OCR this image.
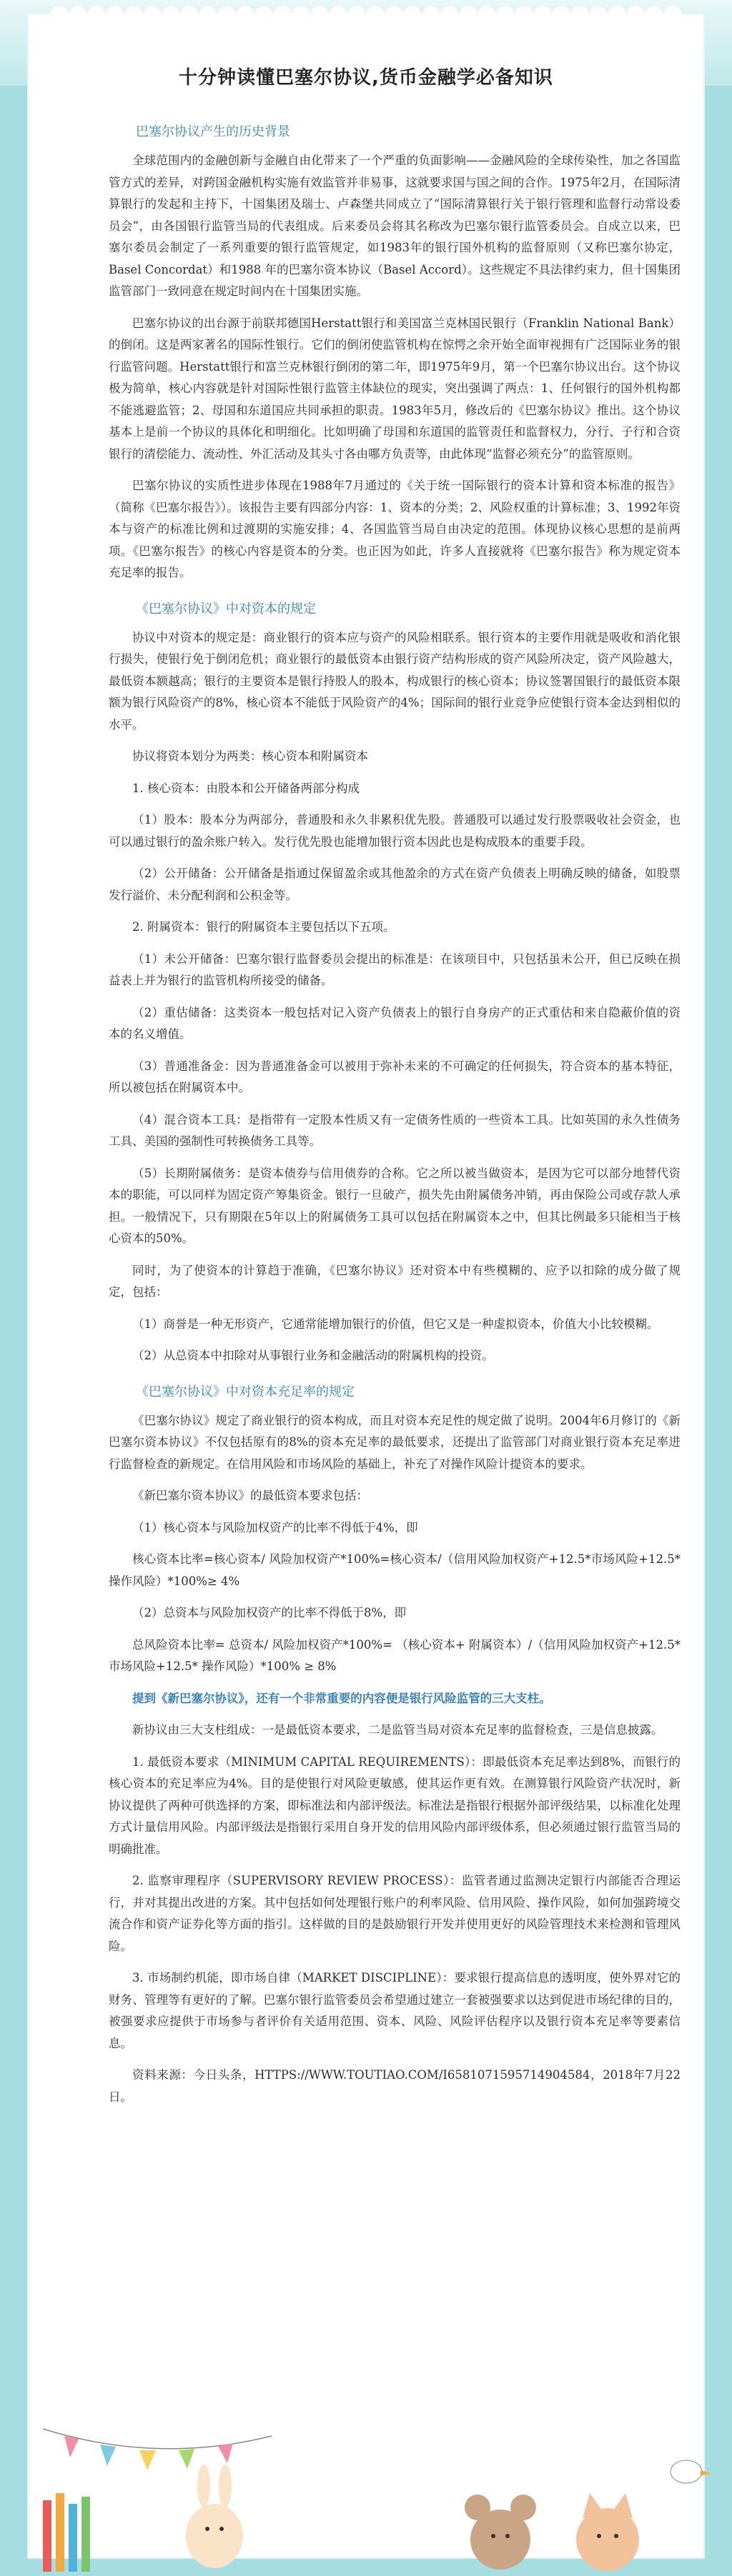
十分钟读懂巴塞尔协议,货币金融学必备知识
巴塞尔协议产生的历史背景

全球范围内的金融创新与金融自由化带来了一个严重的负面影响——金融风险的全球传染性，加之各国监管方式的差异，对跨国金融机构实施有效监管并非易事，这就要求国与国之间的合作。1975年2月，在国际清算银行的发起和主持下，十国集团及瑞士、卢森堡共同成立了“国际清算银行关于银行管理和监督行动常设委员会”，由各国银行监管当局的代表组成。后来委员会将其名称改为巴塞尔银行监管委员会。自成立以来，巴塞尔委员会制定了一系列重要的银行监管规定，如1983年的银行国外机构的监督原则（又称巴塞尔协定，Basel Concordat）和1988 年的巴塞尔资本协议（Basel Accord）。这些规定不具法律约束力，但十国集团监管部门一致同意在规定时间内在十国集团实施。

巴塞尔协议的出台源于前联邦德国Herstatt银行和美国富兰克林国民银行（Franklin National Bank）的倒闭。这是两家著名的国际性银行。它们的倒闭使监管机构在惊愕之余开始全面审视拥有广泛国际业务的银行监管问题。Herstatt银行和富兰克林银行倒闭的第二年，即1975年9月，第一个巴塞尔协议出台。这个协议极为简单，核心内容就是针对国际性银行监管主体缺位的现实，突出强调了两点：1、任何银行的国外机构都不能逃避监管；2、母国和东道国应共同承担的职责。1983年5月，修改后的《巴塞尔协议》推出。这个协议基本上是前一个协议的具体化和明细化。比如明确了母国和东道国的监管责任和监督权力，分行、子行和合资银行的清偿能力、流动性、外汇活动及其头寸各由哪方负责等，由此体现“监督必须充分”的监管原则。

巴塞尔协议的实质性进步体现在1988年7月通过的《关于统一国际银行的资本计算和资本标准的报告》（简称《巴塞尔报告》）。该报告主要有四部分内容：1、资本的分类；2、风险权重的计算标准；3、1992年资本与资产的标准比例和过渡期的实施安排；4、各国监管当局自由决定的范围。体现协议核心思想的是前两项。《巴塞尔报告》的核心内容是资本的分类。也正因为如此，许多人直接就将《巴塞尔报告》称为规定资本充足率的报告。

《巴塞尔协议》中对资本的规定

协议中对资本的规定是：商业银行的资本应与资产的风险相联系。银行资本的主要作用就是吸收和消化银行损失，使银行免于倒闭危机；商业银行的最低资本由银行资产结构形成的资产风险所决定，资产风险越大，最低资本额越高；银行的主要资本是银行持股人的股本，构成银行的核心资本；协议签署国银行的最低资本限额为银行风险资产的8%，核心资本不能低于风险资产的4%；国际间的银行业竞争应使银行资本金达到相似的水平。

协议将资本划分为两类：核心资本和附属资本

1. 核心资本：由股本和公开储备两部分构成

（1）股本：股本分为两部分，普通股和永久非累积优先股。普通股可以通过发行股票吸收社会资金，也可以通过银行的盈余账户转入。发行优先股也能增加银行资本因此也是构成股本的重要手段。

（2）公开储备：公开储备是指通过保留盈余或其他盈余的方式在资产负债表上明确反映的储备，如股票发行溢价、未分配利润和公积金等。

2. 附属资本：银行的附属资本主要包括以下五项。

（1）未公开储备：巴塞尔银行监督委员会提出的标准是：在该项目中，只包括虽未公开，但已反映在损益表上并为银行的监管机构所接受的储备。

（2）重估储备：这类资本一般包括对记入资产负债表上的银行自身房产的正式重估和来自隐蔽价值的资本的名义增值。

（3）普通准备金：因为普通准备金可以被用于弥补未来的不可确定的任何损失，符合资本的基本特征，所以被包括在附属资本中。

（4）混合资本工具：是指带有一定股本性质又有一定债务性质的一些资本工具。比如英国的永久性债务工具、美国的强制性可转换债务工具等。

（5）长期附属债务：是资本债券与信用债券的合称。它之所以被当做资本，是因为它可以部分地替代资本的职能，可以同样为固定资产筹集资金。银行一旦破产，损失先由附属债务冲销，再由保险公司或存款人承担。一般情况下，只有期限在5年以上的附属债务工具可以包括在附属资本之中，但其比例最多只能相当于核心资本的50%。

同时，为了使资本的计算趋于准确，《巴塞尔协议》还对资本中有些模糊的、应予以扣除的成分做了规定，包括：

（1）商誉是一种无形资产，它通常能增加银行的价值，但它又是一种虚拟资本，价值大小比较模糊。

（2）从总资本中扣除对从事银行业务和金融活动的附属机构的投资。

《巴塞尔协议》中对资本充足率的规定

《巴塞尔协议》规定了商业银行的资本构成，而且对资本充足性的规定做了说明。2004年6月修订的《新巴塞尔资本协议》不仅包括原有的8%的资本充足率的最低要求，还提出了监管部门对商业银行资本充足率进行监督检查的新规定。在信用风险和市场风险的基础上，补充了对操作风险计提资本的要求。

《新巴塞尔资本协议》的最低资本要求包括：

（1）核心资本与风险加权资产的比率不得低于4%，即

核心资本比率=核心资本/ 风险加权资产*100%=核心资本/（信用风险加权资产+12.5*市场风险+12.5*操作风险）*100%≥ 4%

（2）总资本与风险加权资产的比率不得低于8%，即

总风险资本比率= 总资本/ 风险加权资产*100%= （核心资本+ 附属资本）/（信用风险加权资产+12.5* 市场风险+12.5* 操作风险）*100% ≥ 8%

提到《新巴塞尔协议》，还有一个非常重要的内容便是银行风险监管的三大支柱。

新协议由三大支柱组成：一是最低资本要求，二是监管当局对资本充足率的监督检查，三是信息披露。

1. 最低资本要求（MINIMUM CAPITAL REQUIREMENTS）：即最低资本充足率达到8%，而银行的核心资本的充足率应为4%。目的是使银行对风险更敏感，使其运作更有效。在测算银行风险资产状况时，新协议提供了两种可供选择的方案，即标准法和内部评级法。标准法是指银行根据外部评级结果，以标准化处理方式计量信用风险。内部评级法是指银行采用自身开发的信用风险内部评级体系，但必须通过银行监管当局的明确批准。

2. 监察审理程序（SUPERVISORY REVIEW PROCESS）：监管者通过监测决定银行内部能否合理运行，并对其提出改进的方案。其中包括如何处理银行账户的利率风险、信用风险、操作风险，如何加强跨境交流合作和资产证券化等方面的指引。这样做的目的是鼓励银行开发并使用更好的风险管理技术来检测和管理风险。

3. 市场制约机能，即市场自律（MARKET DISCIPLINE）：要求银行提高信息的透明度，使外界对它的财务、管理等有更好的了解。巴塞尔银行监管委员会希望通过建立一套被强要求以达到促进市场纪律的目的，被强要求应提供于市场参与者评价有关适用范围、资本、风险、风险评估程序以及银行资本充足率等要素信息。

资料来源：今日头条，HTTPS://WWW.TOUTIAO.COM/I6581071595714904584，2018年7月22日。
